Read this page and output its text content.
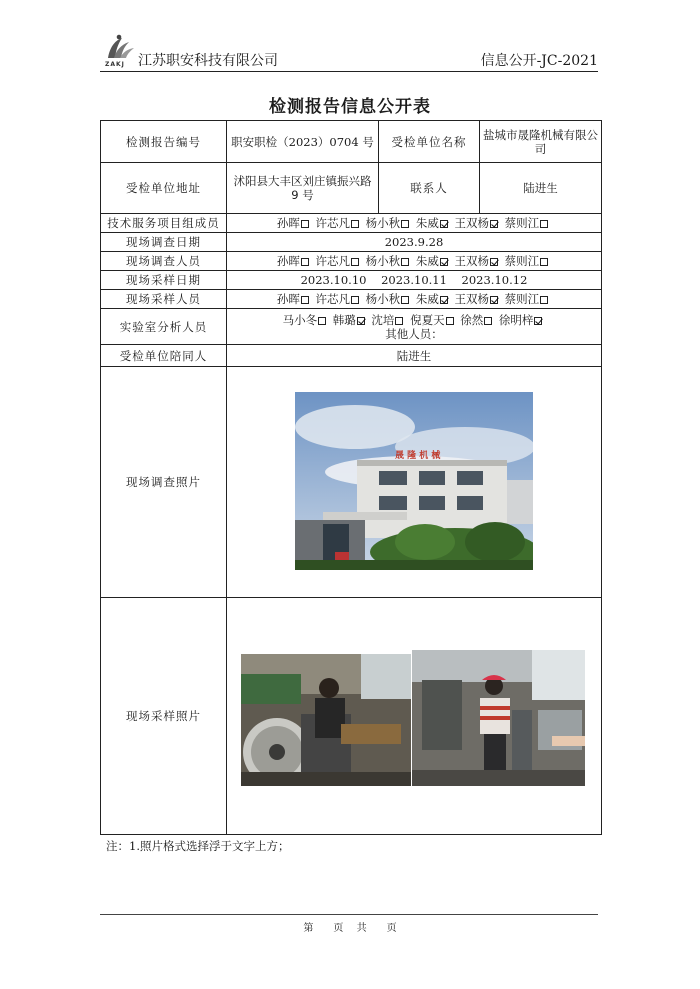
ZAKJ 江苏职安科技有限公司	信息公开-JC-2021
检测报告信息公开表
检测报告编号	职安职检（2023）0704 号	受检单位名称	盐城市晟隆机械有限公司
受检单位地址	沭阳县大丰区刘庄镇振兴路 9 号	联系人	陆进生
技术服务项目组成员	孙晖 许芯凡 杨小秋 朱威 王双杨 蔡则江		
现场调查日期	2023.9.28		
现场调查人员	孙晖 许芯凡 杨小秋 朱威 王双杨 蔡则江		
现场采样日期	2023.10.10    2023.10.11    2023.10.12		
现场采样人员	孙晖 许芯凡 杨小秋 朱威 王双杨 蔡则江		
实验室分析人员	马小冬 韩璐 沈培 倪夏天 徐然 徐明梓
其他人员：		

受检单位陪同人	陆进生		
现场调查照片	晟 隆 机 械		

现场采样照片	
注：1.照片格式选择浮于文字上方；
第 页 共 页
